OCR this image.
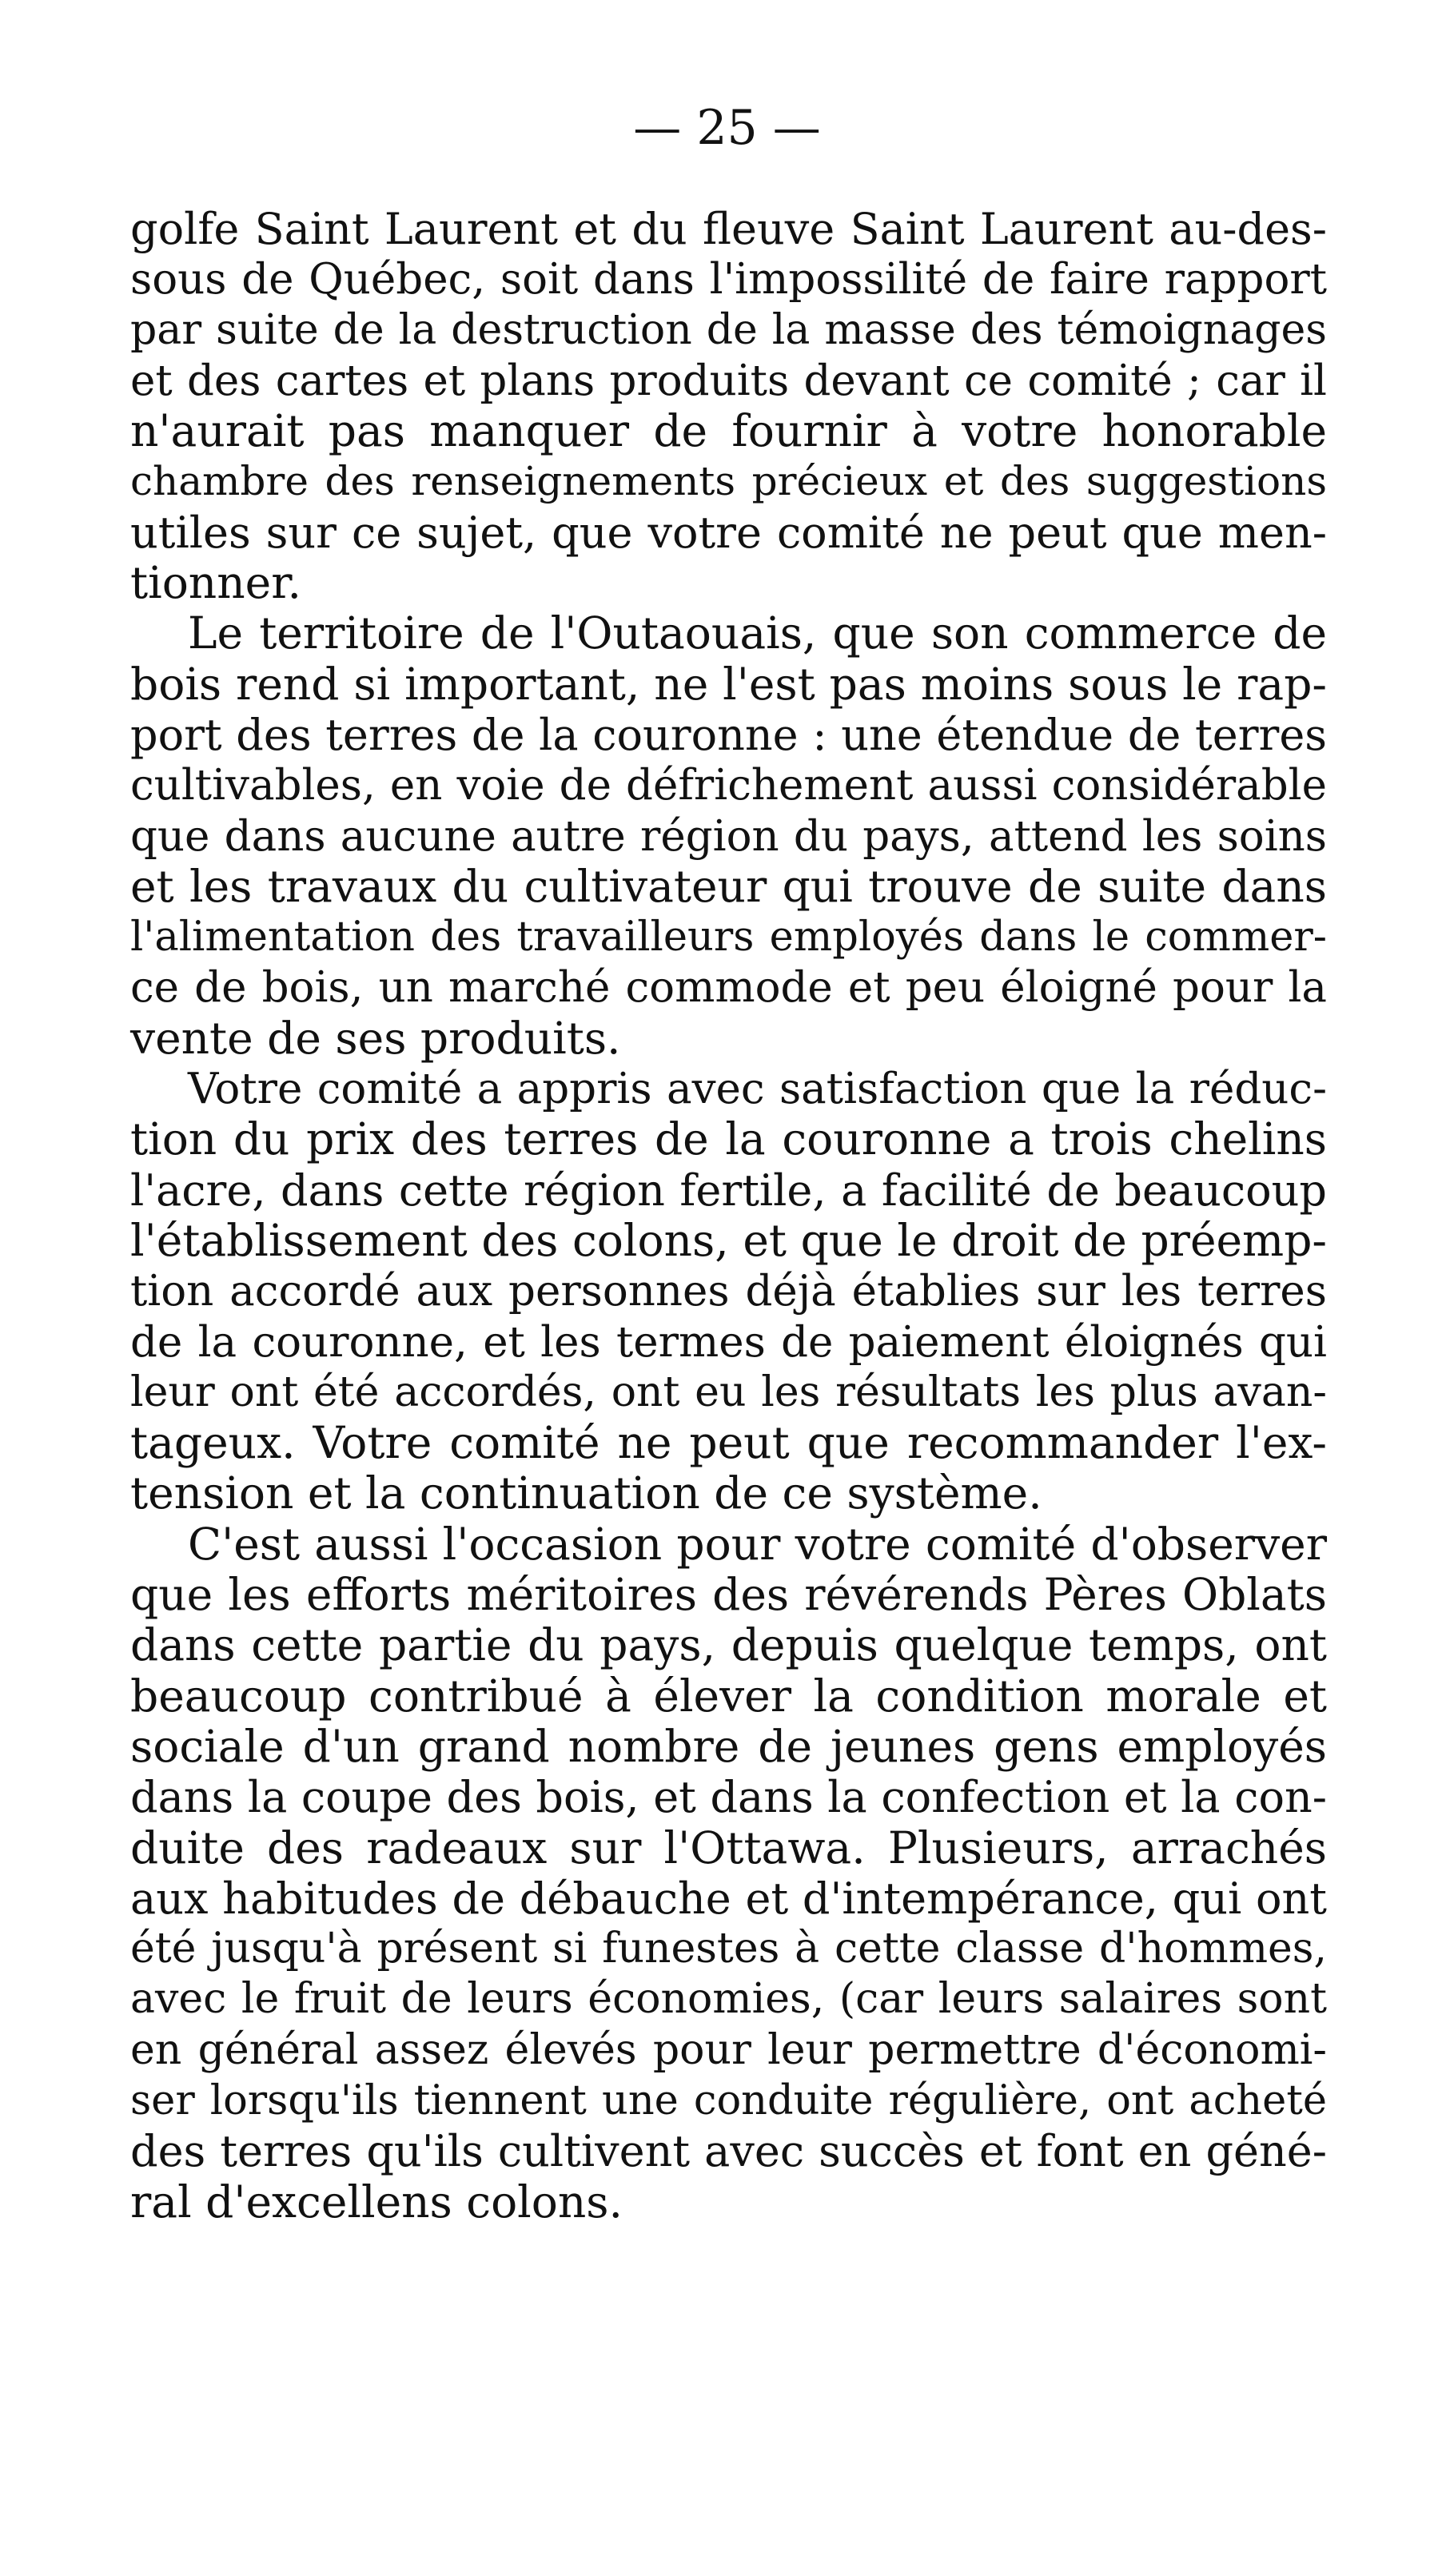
— 25 —
golfe Saint Laurent et du fleuve Saint Laurent au-des-
sous de Québec, soit dans l'impossilité de faire rapport
par suite de la destruction de la masse des témoignages
et des cartes et plans produits devant ce comité ; car il
n'aurait pas manquer de fournir à votre honorable
chambre des renseignements précieux et des suggestions
utiles sur ce sujet, que votre comité ne peut que men-
tionner.
Le territoire de l'Outaouais, que son commerce de
bois rend si important, ne l'est pas moins sous le rap-
port des terres de la couronne : une étendue de terres
cultivables, en voie de défrichement aussi considérable
que dans aucune autre région du pays, attend les soins
et les travaux du cultivateur qui trouve de suite dans
l'alimentation des travailleurs employés dans le commer-
ce de bois, un marché commode et peu éloigné pour la
vente de ses produits.
Votre comité a appris avec satisfaction que la réduc-
tion du prix des terres de la couronne a trois chelins
l'acre, dans cette région fertile, a facilité de beaucoup
l'établissement des colons, et que le droit de préemp-
tion accordé aux personnes déjà établies sur les terres
de la couronne, et les termes de paiement éloignés qui
leur ont été accordés, ont eu les résultats les plus avan-
tageux. Votre comité ne peut que recommander l'ex-
tension et la continuation de ce système.
C'est aussi l'occasion pour votre comité d'observer
que les efforts méritoires des révérends Pères Oblats
dans cette partie du pays, depuis quelque temps, ont
beaucoup contribué à élever la condition morale et
sociale d'un grand nombre de jeunes gens employés
dans la coupe des bois, et dans la confection et la con-
duite des radeaux sur l'Ottawa. Plusieurs, arrachés
aux habitudes de débauche et d'intempérance, qui ont
été jusqu'à présent si funestes à cette classe d'hommes,
avec le fruit de leurs économies, (car leurs salaires sont
en général assez élevés pour leur permettre d'économi-
ser lorsqu'ils tiennent une conduite régulière, ont acheté
des terres qu'ils cultivent avec succès et font en géné-
ral d'excellens colons.
